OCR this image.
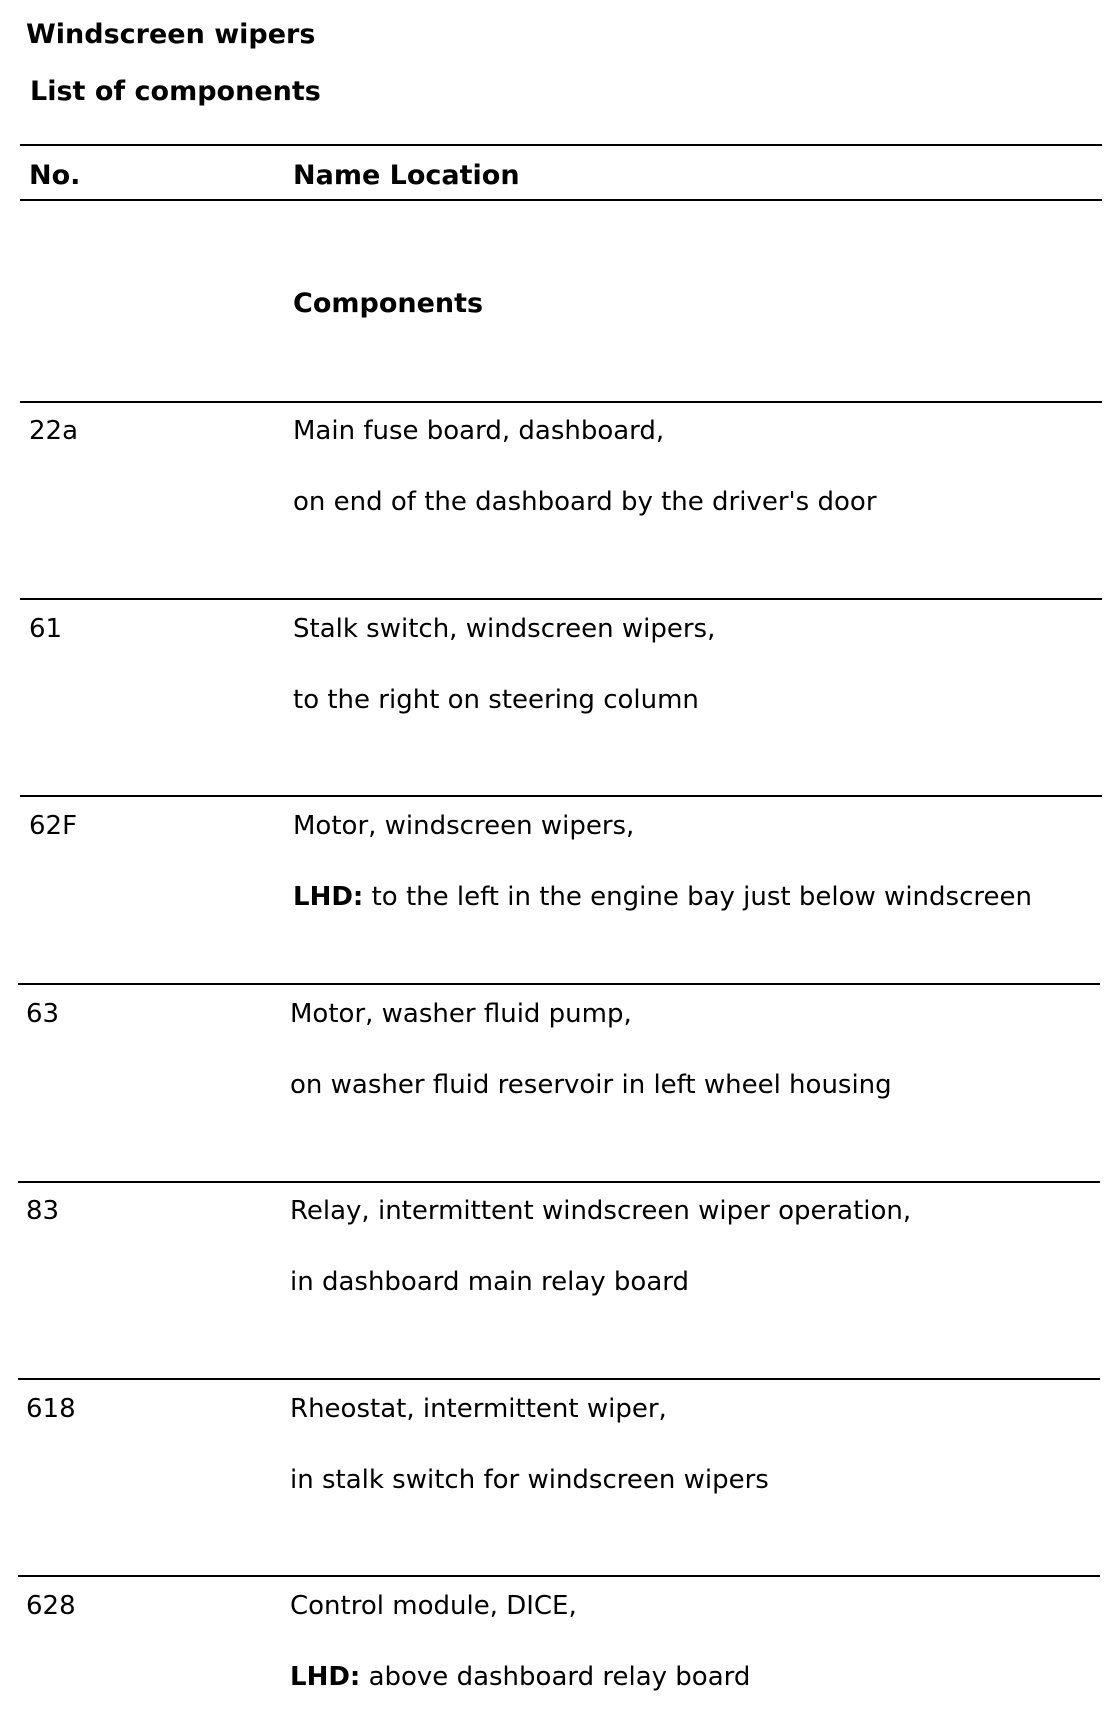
Windscreen wipers
List of components
No.	Name Location
Components
22a	Main fuse board, dashboard,
on end of the dashboard by the driver's door
61	Stalk switch, windscreen wipers,
to the right on steering column
62F	Motor, windscreen wipers,
LHD: to the left in the engine bay just below windscreen
63	Motor, washer fluid pump,
on washer fluid reservoir in left wheel housing
83	Relay, intermittent windscreen wiper operation,
in dashboard main relay board
618	Rheostat, intermittent wiper,
in stalk switch for windscreen wipers
628	Control module, DICE,
LHD: above dashboard relay board
